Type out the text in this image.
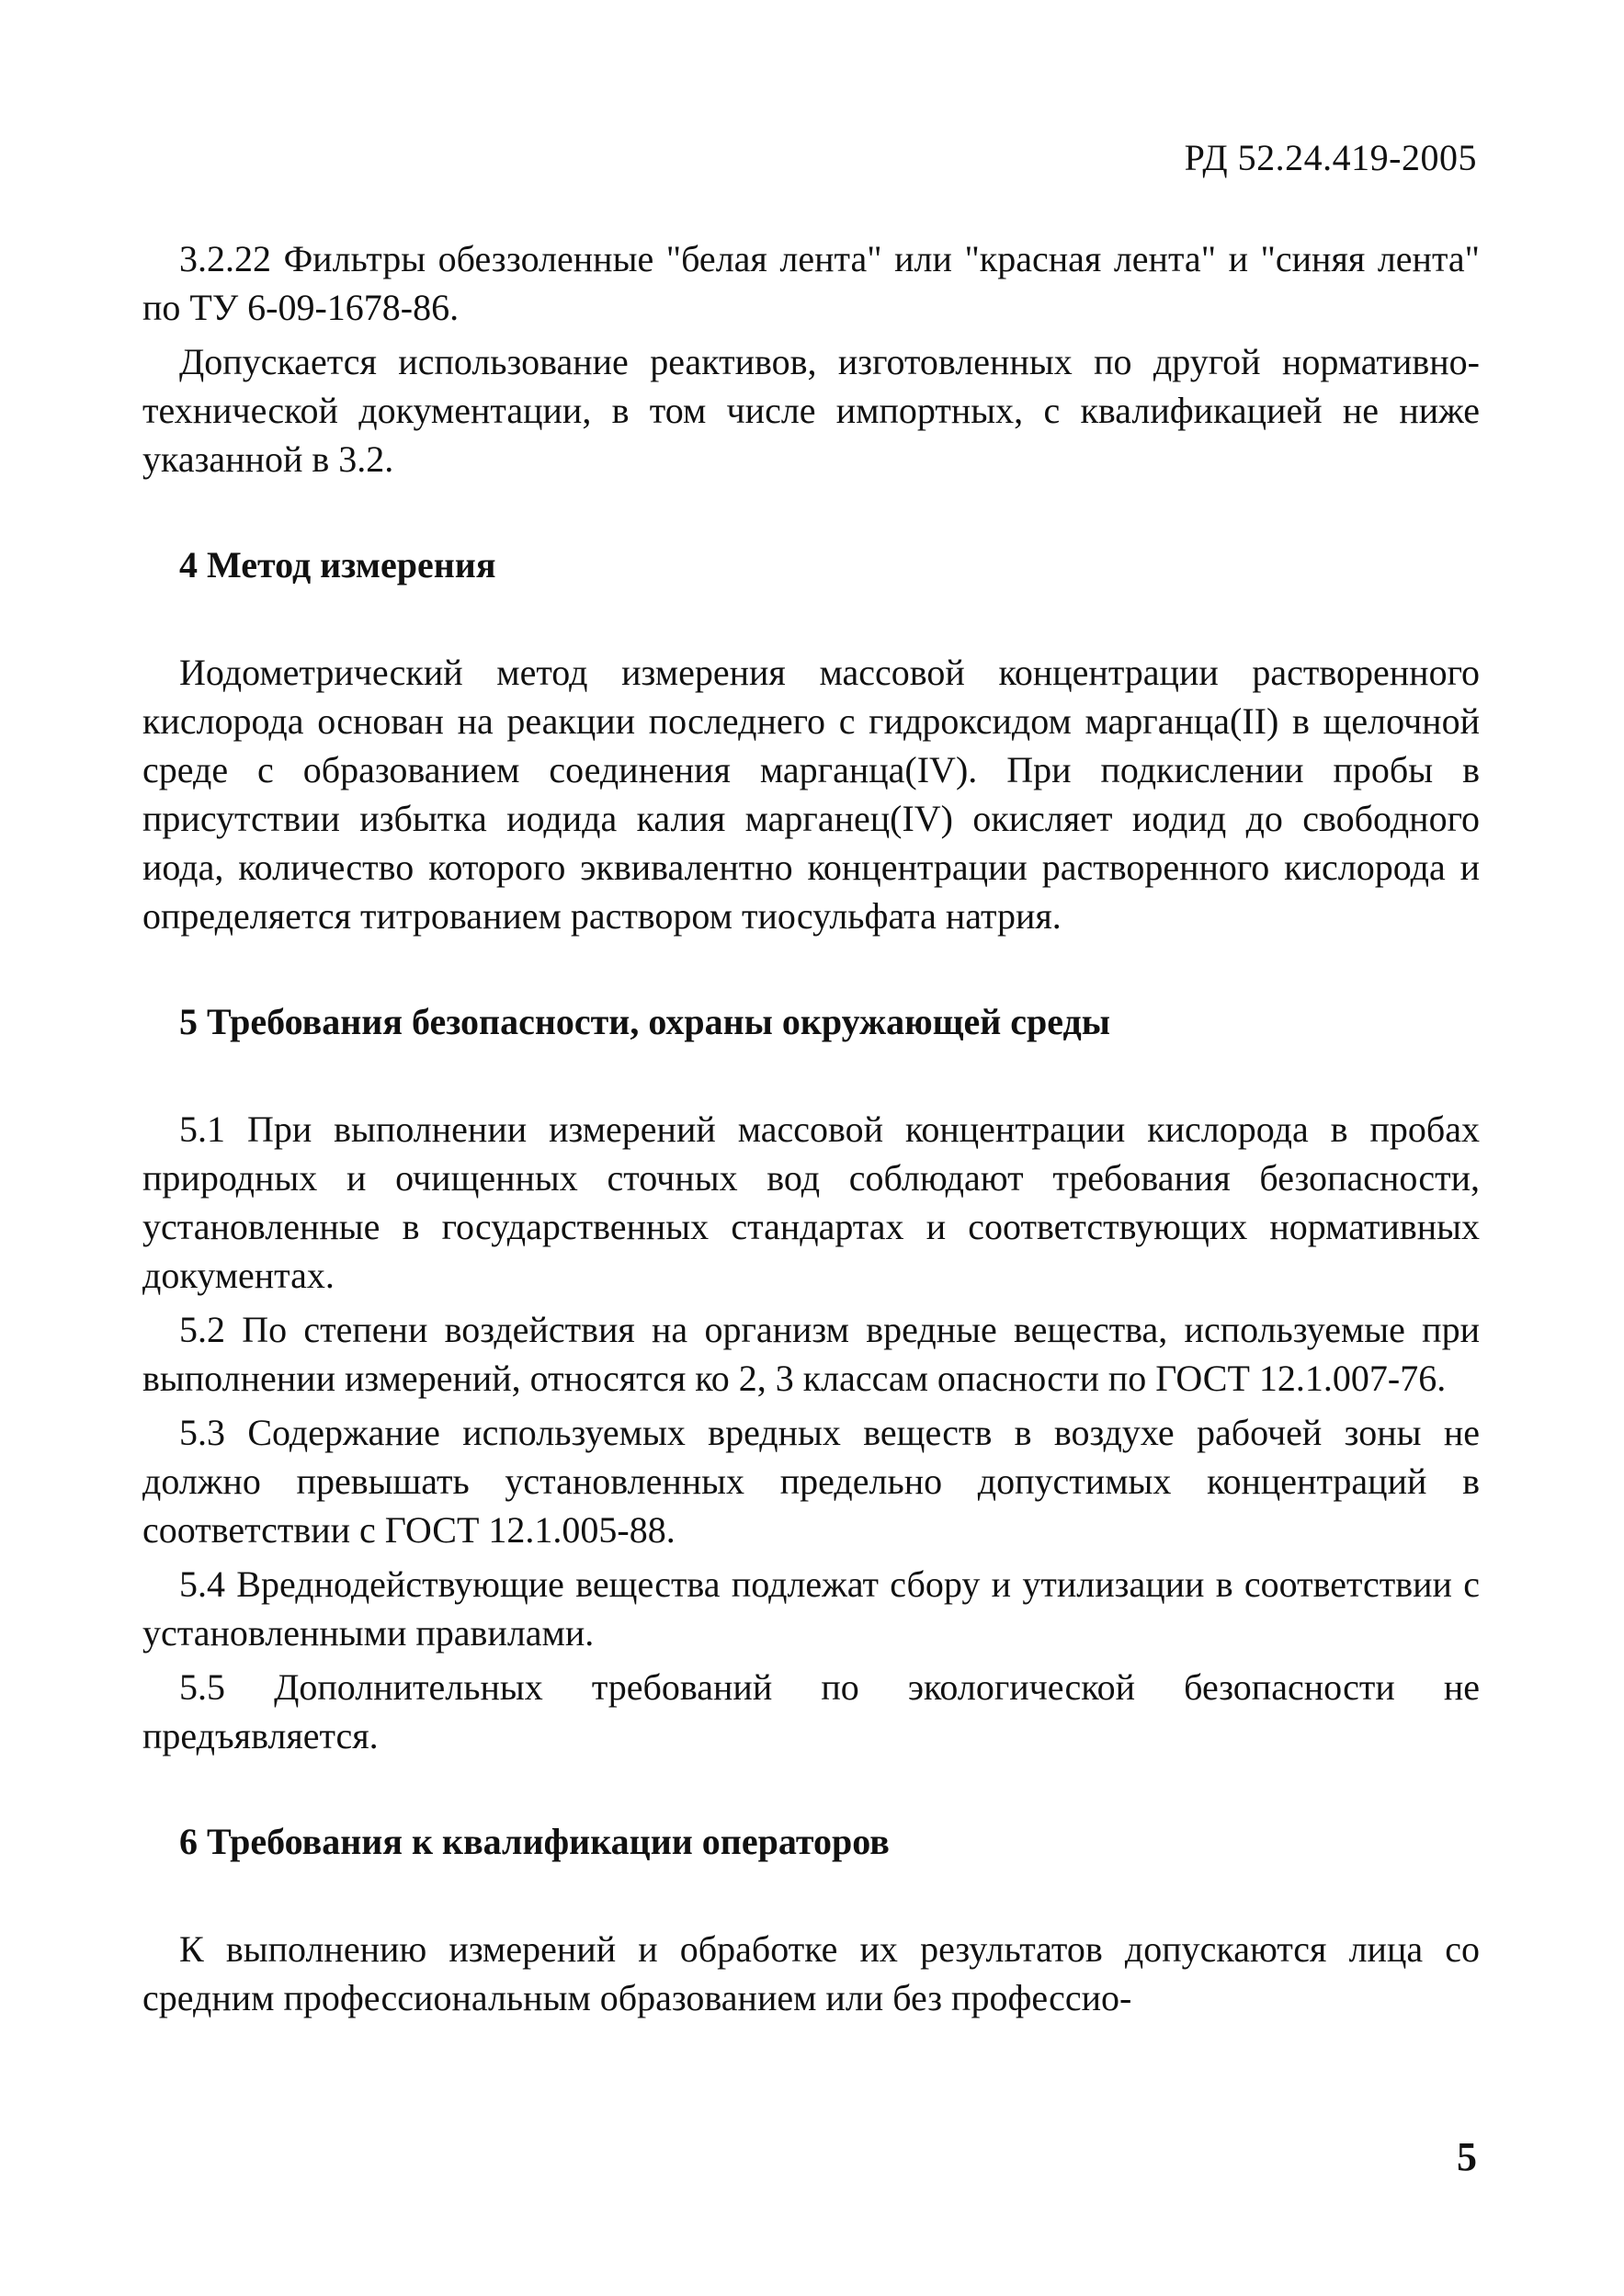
РД 52.24.419-2005

3.2.22 Фильтры обеззоленные "белая лента" или "красная лента" и "синяя лента" по ТУ 6-09-1678-86.

Допускается использование реактивов, изготовленных по другой нормативно-технической документации, в том числе импортных, с квалификацией не ниже указанной в 3.2.

4 Метод измерения

Иодометрический метод измерения массовой концентрации растворенного кислорода основан на реакции последнего с гидроксидом марганца(II) в щелочной среде с образованием соединения марганца(IV). При подкислении пробы в присутствии избытка иодида калия марганец(IV) окисляет иодид до свободного иода, количество которого эквивалентно концентрации растворенного кислорода и определяется титрованием раствором тиосульфата натрия.

5 Требования безопасности, охраны окружающей среды

5.1 При выполнении измерений массовой концентрации кислорода в пробах природных и очищенных сточных вод соблюдают требования безопасности, установленные в государственных стандартах и соответствующих нормативных документах.

5.2 По степени воздействия на организм вредные вещества, используемые при выполнении измерений, относятся ко 2, 3 классам опасности по ГОСТ 12.1.007-76.

5.3 Содержание используемых вредных веществ в воздухе рабочей зоны не должно превышать установленных предельно допустимых концентраций в соответствии с ГОСТ 12.1.005-88.

5.4 Вреднодействующие вещества подлежат сбору и утилизации в соответствии с установленными правилами.

5.5 Дополнительных требований по экологической безопасности не предъявляется.

6 Требования к квалификации операторов

К выполнению измерений и обработке их результатов допускаются лица со средним профессиональным образованием или без профессио-

5
